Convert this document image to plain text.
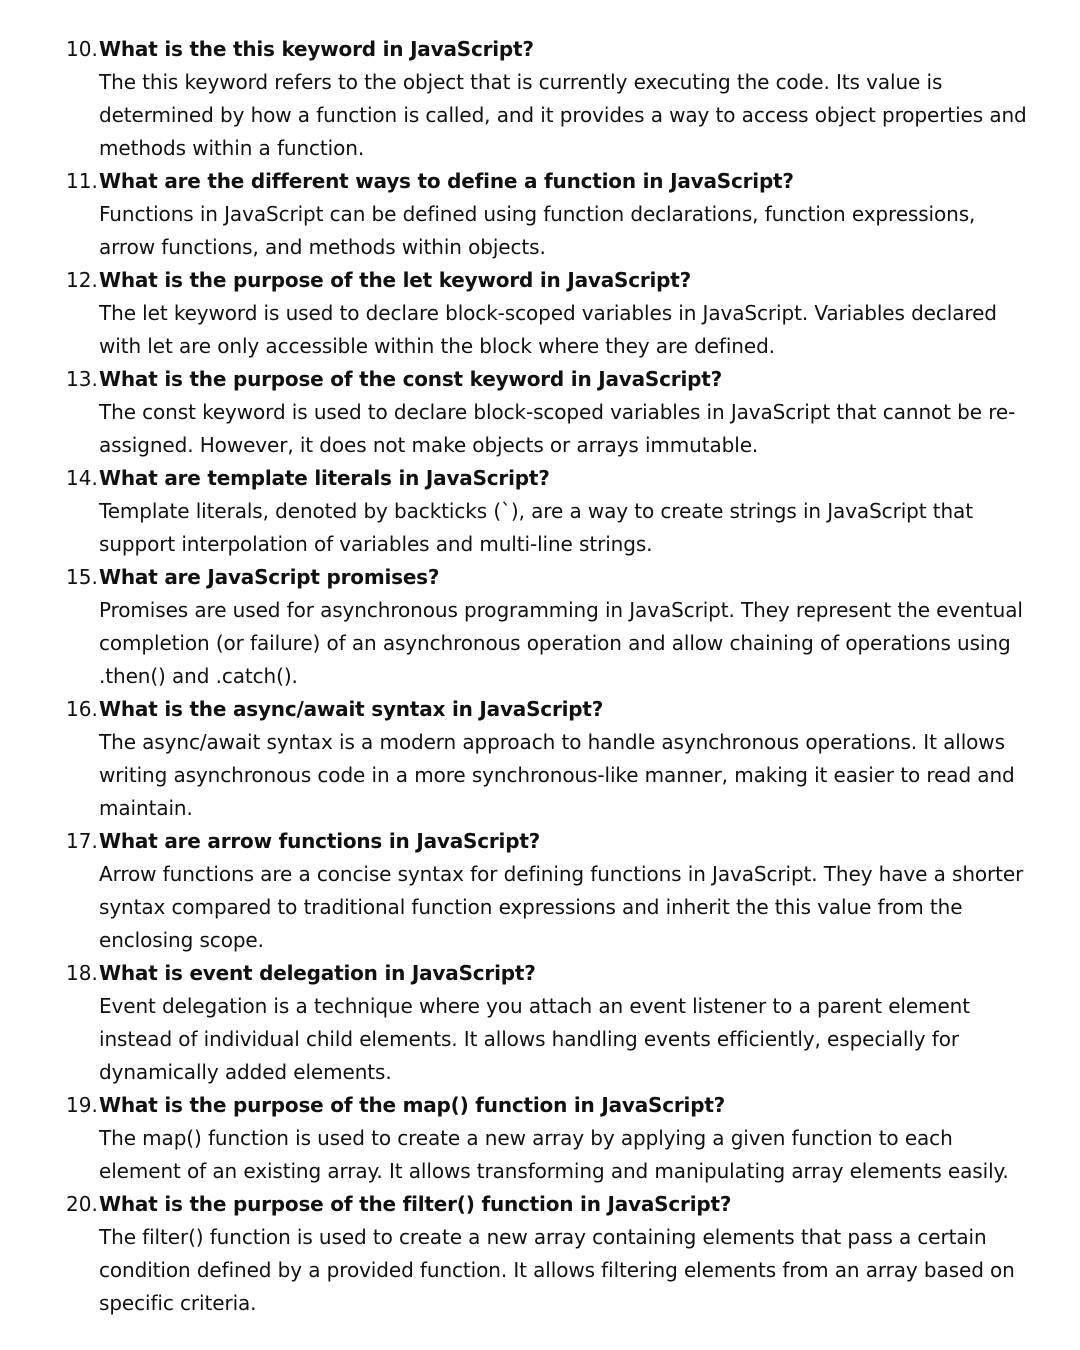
10. What is the this keyword in JavaScript?

The this keyword refers to the object that is currently executing the code. Its value is determined by how a function is called, and it provides a way to access object properties and methods within a function.

11. What are the different ways to define a function in JavaScript?

Functions in JavaScript can be defined using function declarations, function expressions, arrow functions, and methods within objects.

12. What is the purpose of the let keyword in JavaScript?

The let keyword is used to declare block-scoped variables in JavaScript. Variables declared with let are only accessible within the block where they are defined.

13. What is the purpose of the const keyword in JavaScript?

The const keyword is used to declare block-scoped variables in JavaScript that cannot be re-assigned. However, it does not make objects or arrays immutable.

14. What are template literals in JavaScript?

Template literals, denoted by backticks (`), are a way to create strings in JavaScript that support interpolation of variables and multi-line strings.

15. What are JavaScript promises?

Promises are used for asynchronous programming in JavaScript. They represent the eventual completion (or failure) of an asynchronous operation and allow chaining of operations using .then() and .catch().

16. What is the async/await syntax in JavaScript?

The async/await syntax is a modern approach to handle asynchronous operations. It allows writing asynchronous code in a more synchronous-like manner, making it easier to read and maintain.

17. What are arrow functions in JavaScript?

Arrow functions are a concise syntax for defining functions in JavaScript. They have a shorter syntax compared to traditional function expressions and inherit the this value from the enclosing scope.

18. What is event delegation in JavaScript?

Event delegation is a technique where you attach an event listener to a parent element instead of individual child elements. It allows handling events efficiently, especially for dynamically added elements.

19. What is the purpose of the map() function in JavaScript?

The map() function is used to create a new array by applying a given function to each element of an existing array. It allows transforming and manipulating array elements easily.

20. What is the purpose of the filter() function in JavaScript?

The filter() function is used to create a new array containing elements that pass a certain condition defined by a provided function. It allows filtering elements from an array based on specific criteria.
